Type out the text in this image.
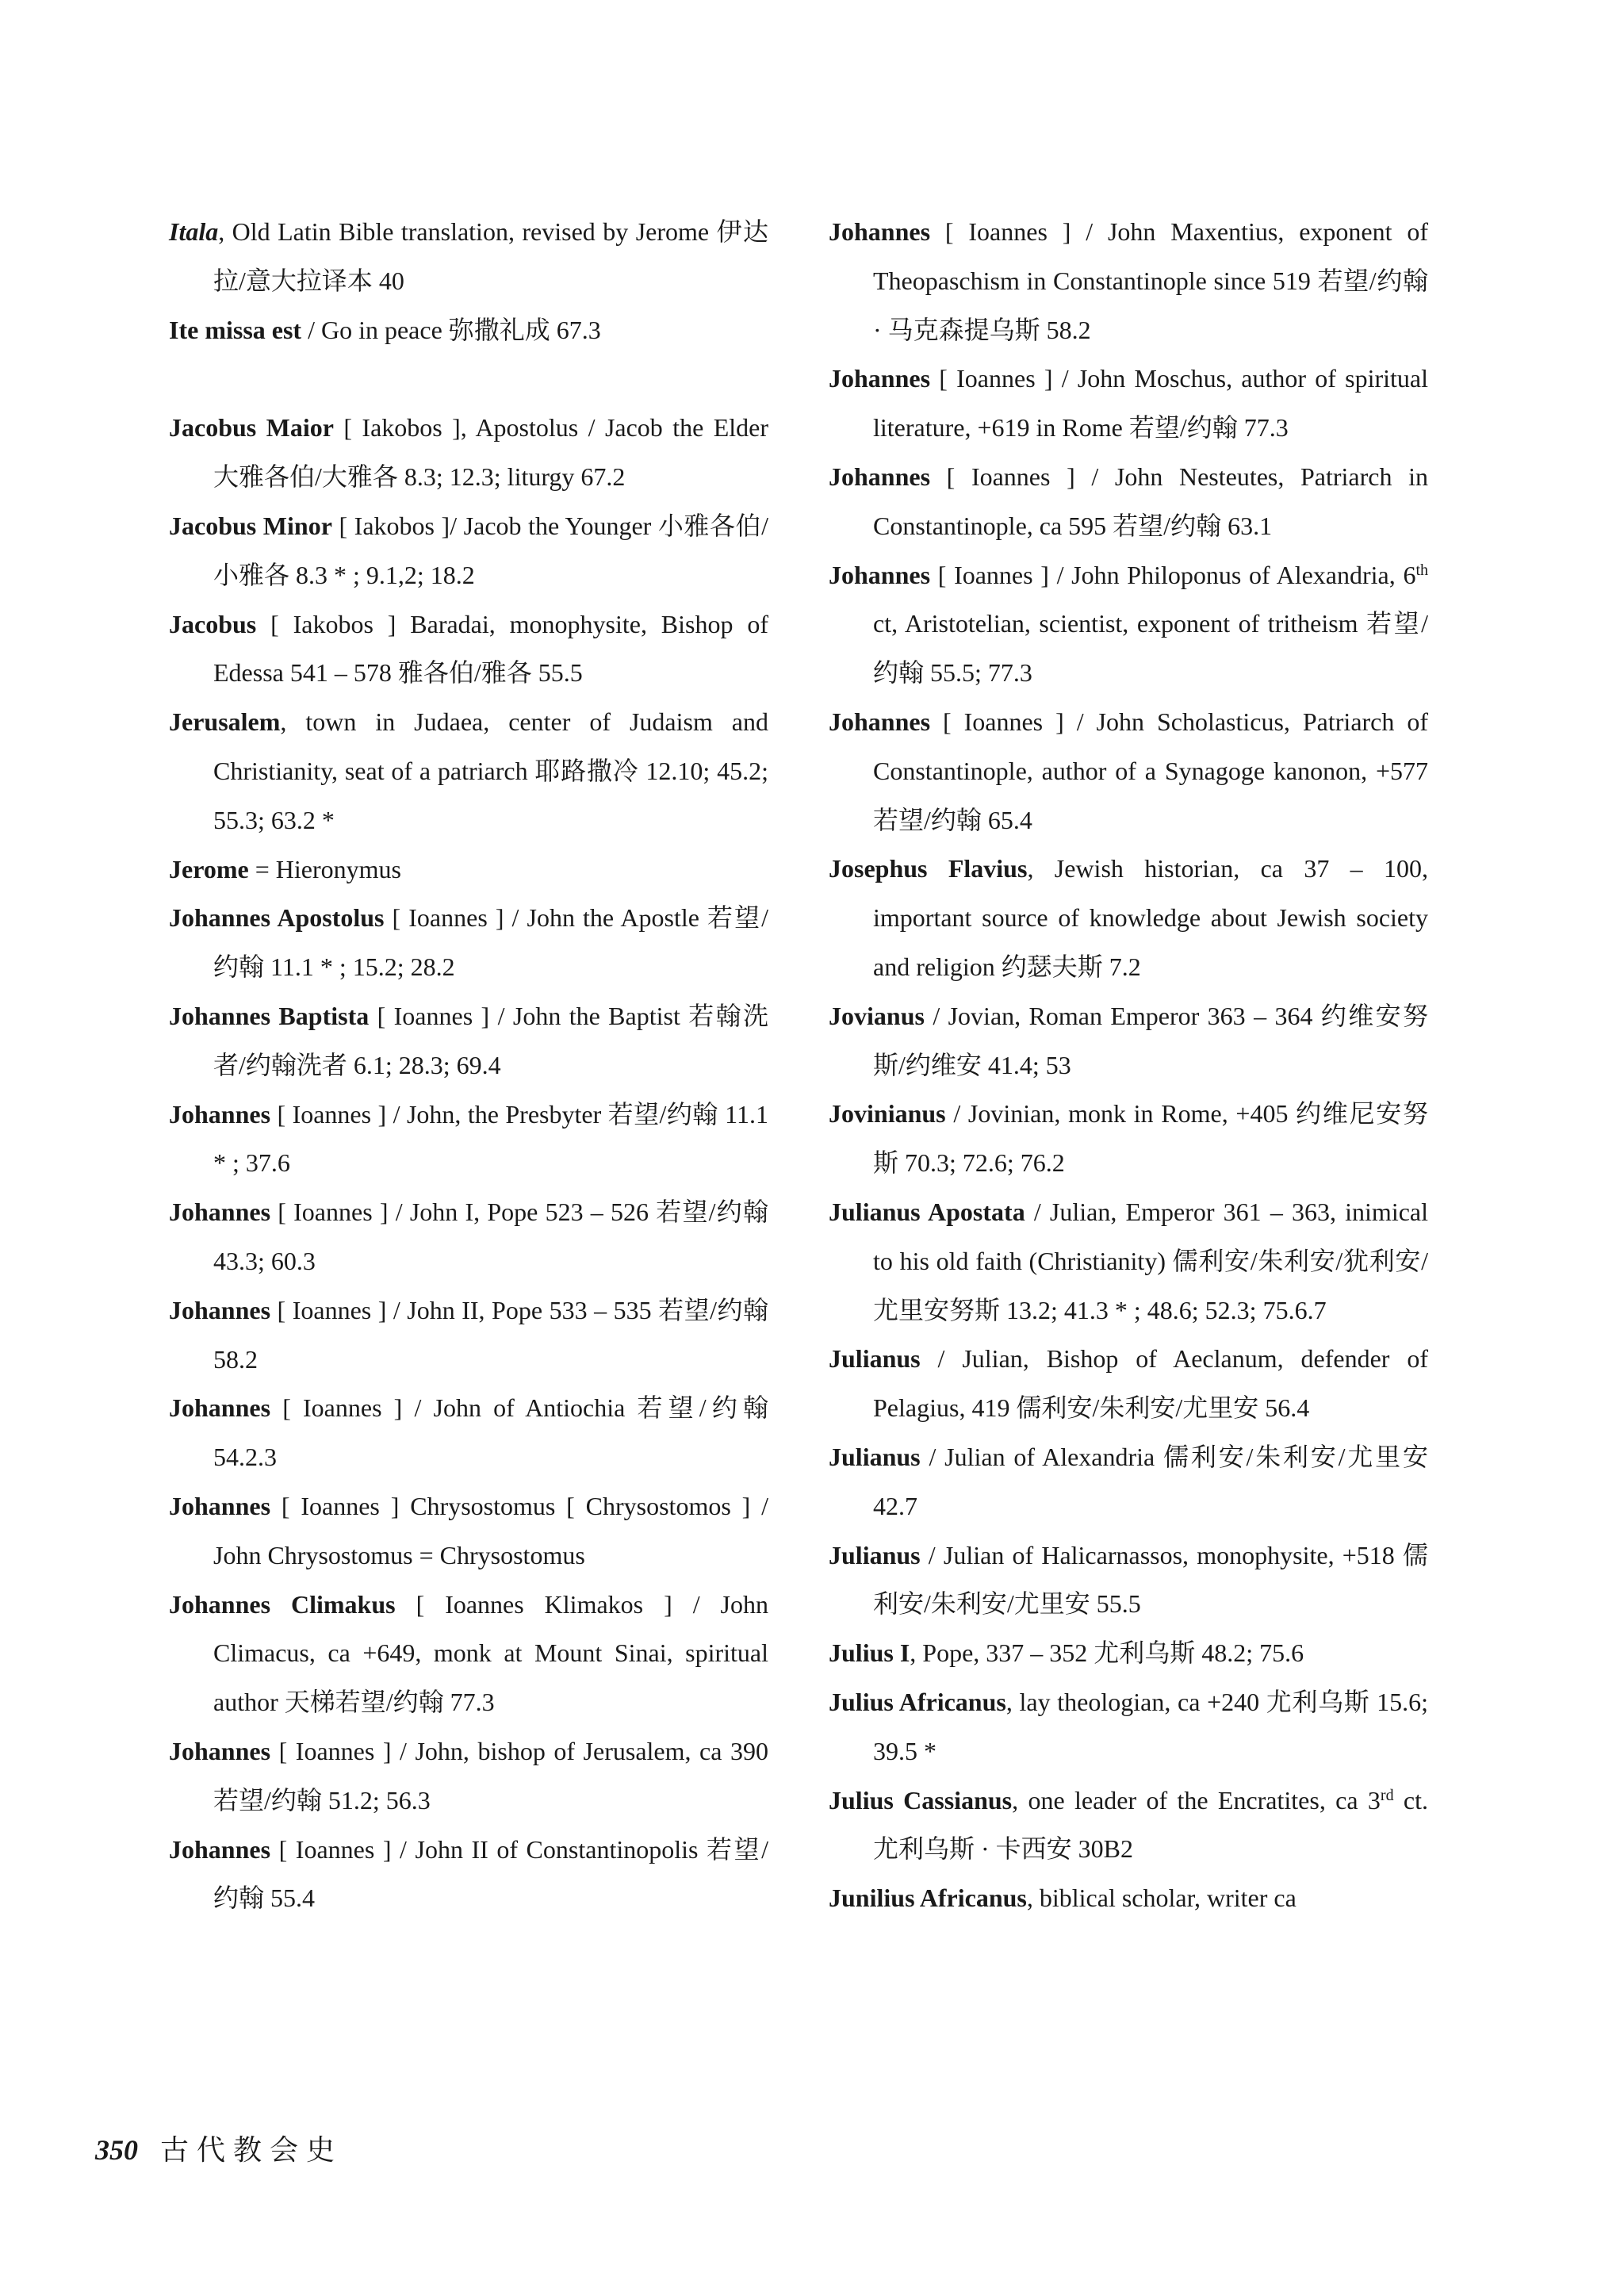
Itala, Old Latin Bible translation, revised by Jerome 伊达拉/意大拉译本 40
Ite missa est / Go in peace 弥撒礼成 67.3
Jacobus Maior [ Iakobos ], Apostolus / Jacob the Elder 大雅各伯/大雅各 8.3; 12.3; liturgy 67.2
Jacobus Minor [ Iakobos ]/ Jacob the Younger 小雅各伯/小雅各 8.3 * ; 9.1,2; 18.2
Jacobus [ Iakobos ] Baradai, monophysite, Bishop of Edessa 541 – 578 雅各伯/雅各 55.5
Jerusalem, town in Judaea, center of Judaism and Christianity, seat of a patriarch 耶路撒冷 12.10; 45.2; 55.3; 63.2 *
Jerome = Hieronymus
Johannes Apostolus [ Ioannes ] / John the Apostle 若望/约翰 11.1 * ; 15.2; 28.2
Johannes Baptista [ Ioannes ] / John the Baptist 若翰洗者/约翰洗者 6.1; 28.3; 69.4
Johannes [ Ioannes ] / John, the Presbyter 若望/约翰 11.1 * ; 37.6
Johannes [ Ioannes ] / John I, Pope 523 – 526 若望/约翰 43.3; 60.3
Johannes [ Ioannes ] / John II, Pope 533 – 535 若望/约翰 58.2
Johannes [ Ioannes ] / John of Antiochia 若望/约翰 54.2.3
Johannes [ Ioannes ] Chrysostomus [ Chrysostomos ] / John Chrysostomus = Chrysostomus
Johannes Climakus [ Ioannes Klimakos ] / John Climacus, ca +649, monk at Mount Sinai, spiritual author 天梯若望/约翰 77.3
Johannes [ Ioannes ] / John, bishop of Jerusalem, ca 390 若望/约翰 51.2; 56.3
Johannes [ Ioannes ] / John II of Constantinopolis 若望/约翰 55.4
Johannes [ Ioannes ] / John Maxentius, exponent of Theopaschism in Constantinople since 519 若望/约翰 · 马克森提乌斯 58.2
Johannes [ Ioannes ] / John Moschus, author of spiritual literature, +619 in Rome 若望/约翰 77.3
Johannes [ Ioannes ] / John Nesteutes, Patriarch in Constantinople, ca 595 若望/约翰 63.1
Johannes [ Ioannes ] / John Philoponus of Alexandria, 6th ct, Aristotelian, scientist, exponent of tritheism 若望/约翰 55.5; 77.3
Johannes [ Ioannes ] / John Scholasticus, Patriarch of Constantinople, author of a Synagoge kanonon, +577 若望/约翰 65.4
Josephus Flavius, Jewish historian, ca 37 – 100, important source of knowledge about Jewish society and religion 约瑟夫斯 7.2
Jovianus / Jovian, Roman Emperor 363 – 364 约维安努斯/约维安 41.4; 53
Jovinianus / Jovinian, monk in Rome, +405 约维尼安努斯 70.3; 72.6; 76.2
Julianus Apostata / Julian, Emperor 361 – 363, inimical to his old faith (Christianity) 儒利安/朱利安/犹利安/尤里安努斯 13.2; 41.3 * ; 48.6; 52.3; 75.6.7
Julianus / Julian, Bishop of Aeclanum, defender of Pelagius, 419 儒利安/朱利安/尤里安 56.4
Julianus / Julian of Alexandria 儒利安/朱利安/尤里安 42.7
Julianus / Julian of Halicarnassos, monophysite, +518 儒利安/朱利安/尤里安 55.5
Julius I, Pope, 337 – 352 尤利乌斯 48.2; 75.6
Julius Africanus, lay theologian, ca +240 尤利乌斯 15.6; 39.5 *
Julius Cassianus, one leader of the Encratites, ca 3rd ct. 尤利乌斯 · 卡西安 30B2
Junilius Africanus, biblical scholar, writer ca
350 古代教会史
